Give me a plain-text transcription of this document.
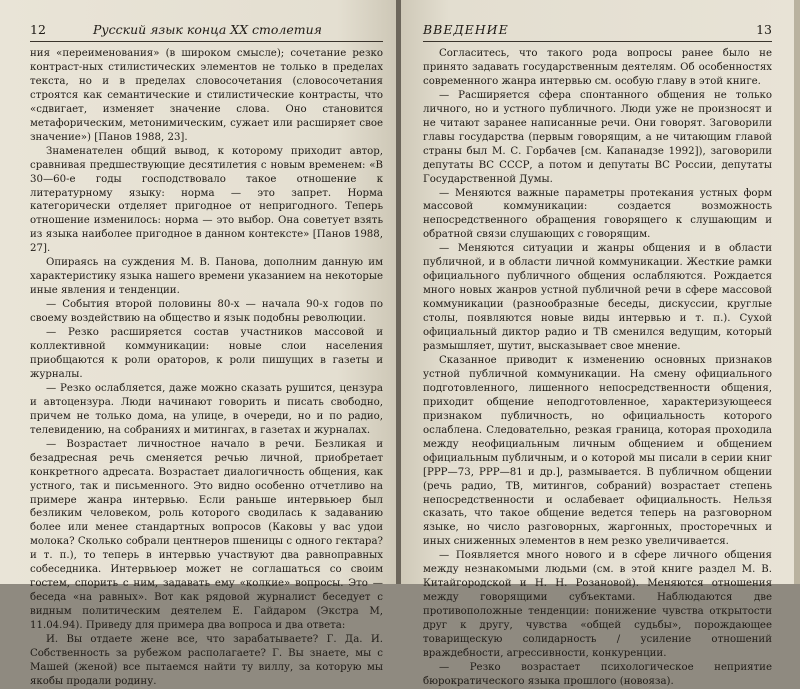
12	Русский язык конца XX столетия

ния «переименования» (в широком смысле); сочетание резко контраст-ных стилистических элементов не только в пределах текста, но и в пределах словосочетания (словосочетания строятся как семантические и стилистические контрасты, что «сдвигает, изменяет значение слова. Оно становится метафорическим, метонимическим, сужает или расширяет свое значение») [Панов 1988, 23].

Знаменателен общий вывод, к которому приходит автор, сравнивая предшествующие десятилетия с новым временем: «В 30—60-е годы господствовало такое отношение к литературному языку: норма — это запрет. Норма категорически отделяет пригодное от непригодного. Теперь отношение изменилось: норма — это выбор. Она советует взять из языка наиболее пригодное в данном контексте» [Панов 1988, 27].

Опираясь на суждения М. В. Панова, дополним данную им характеристику языка нашего времени указанием на некоторые иные явления и тенденции.

— События второй половины 80-х — начала 90-х годов по своему воздействию на общество и язык подобны революции.

— Резко расширяется состав участников массовой и коллективной коммуникации: новые слои населения приобщаются к роли ораторов, к роли пишущих в газеты и журналы.

— Резко ослабляется, даже можно сказать рушится, цензура и автоцензура. Люди начинают говорить и писать свободно, причем не только дома, на улице, в очереди, но и по радио, телевидению, на собраниях и митингах, в газетах и журналах.

— Возрастает личностное начало в речи. Безликая и безадресная речь сменяется речью личной, приобретает конкретного адресата. Возрастает диалогичность общения, как устного, так и письменного. Это видно особенно отчетливо на примере жанра интервью. Если раньше интервьюер был безликим человеком, роль которого сводилась к задаванию более или менее стандартных вопросов (Каковы у вас удои молока? Сколько собрали центнеров пшеницы с одного гектара? и т. п.), то теперь в интервью участвуют два равноправных собеседника. Интервьюер может не соглашаться со своим гостем, спорить с ним, задавать ему «колкие» вопросы. Это — беседа «на равных». Вот как рядовой журналист беседует с видным политическим деятелем Е. Гайдаром (Экстра М, 11.04.94). Приведу для примера два вопроса и два ответа:

И. Вы отдаете жене все, что зарабатываете? Г. Да. И. Собственность за рубежом располагаете? Г. Вы знаете, мы с Машей (женой) все пытаемся найти ту виллу, за которую мы якобы продали родину.

ВВЕДЕНИЕ	13

Согласитесь, что такого рода вопросы ранее было не принято задавать государственным деятелям. Об особенностях современного жанра интервью см. особую главу в этой книге.

— Расширяется сфера спонтанного общения не только личного, но и устного публичного. Люди уже не произносят и не читают заранее написанные речи. Они говорят. Заговорили главы государства (первым говорящим, а не читающим главой страны был М. С. Горбачев [см. Капанадзе 1992]), заговорили депутаты ВС СССР, а потом и депутаты ВС России, депутаты Государственной Думы.

— Меняются важные параметры протекания устных форм массовой коммуникации: создается возможность непосредственного обращения говорящего к слушающим и обратной связи слушающих с говорящим.

— Меняются ситуации и жанры общения и в области публичной, и в области личной коммуникации. Жесткие рамки официального публичного общения ослабляются. Рождается много новых жанров устной публичной речи в сфере массовой коммуникации (разнообразные беседы, дискуссии, круглые столы, появляются новые виды интервью и т. п.). Сухой официальный диктор радио и ТВ сменился ведущим, который размышляет, шутит, высказывает свое мнение.

Сказанное приводит к изменению основных признаков устной публичной коммуникации. На смену официального подготовленного, лишенного непосредственности общения, приходит общение неподготовленное, характеризующееся признаком публичность, но официальность которого ослаблена. Следовательно, резкая граница, которая проходила между неофициальным личным общением и общением официальным публичным, и о которой мы писали в серии книг [РРР—73, РРР—81 и др.], размывается. В публичном общении (речь радио, ТВ, митингов, собраний) возрастает степень непосредственности и ослабевает официальность. Нельзя сказать, что такое общение ведется теперь на разговорном языке, но число разговорных, жаргонных, просторечных и иных сниженных элементов в нем резко увеличивается.

— Появляется много нового и в сфере личного общения между незнакомыми людьми (см. в этой книге раздел М. В. Китайгородской и Н. Н. Розановой). Меняются отношения между говорящими субъектами. Наблюдаются две противоположные тенденции: понижение чувства открытости друг к другу, чувства «общей судьбы», порождающее товарищескую солидарность / усиление отношений враждебности, агрессивности, конкуренции.

— Резко возрастает психологическое неприятие бюрократического языка прошлого (новояза).
